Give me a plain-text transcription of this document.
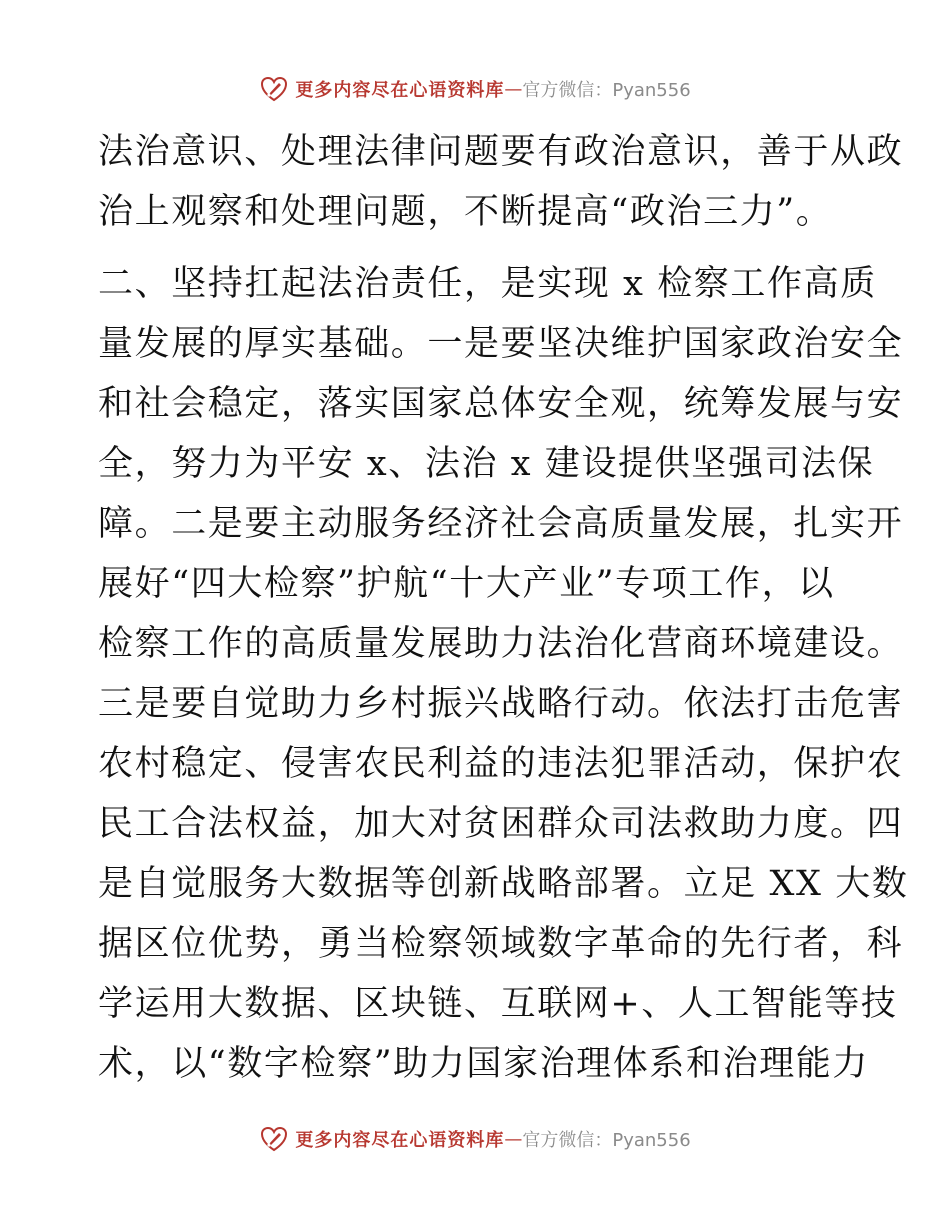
更多内容尽在心语资料库 — 官方微信：Pyan556
法治意识、处理法律问题要有政治意识，善于从政
治上观察和处理问题，不断提高“政治三力”。
二、坚持扛起法治责任，是实现 x 检察工作高质
量发展的厚实基础。一是要坚决维护国家政治安全
和社会稳定，落实国家总体安全观，统筹发展与安
全，努力为平安 x、法治 x 建设提供坚强司法保
障。二是要主动服务经济社会高质量发展，扎实开
展好“四大检察”护航“十大产业”专项工作，以
检察工作的高质量发展助力法治化营商环境建设。
三是要自觉助力乡村振兴战略行动。依法打击危害
农村稳定、侵害农民利益的违法犯罪活动，保护农
民工合法权益，加大对贫困群众司法救助力度。四
是自觉服务大数据等创新战略部署。立足 XX 大数
据区位优势，勇当检察领域数字革命的先行者，科
学运用大数据、区块链、互联网+、人工智能等技
术，以“数字检察”助力国家治理体系和治理能力
更多内容尽在心语资料库 — 官方微信：Pyan556
